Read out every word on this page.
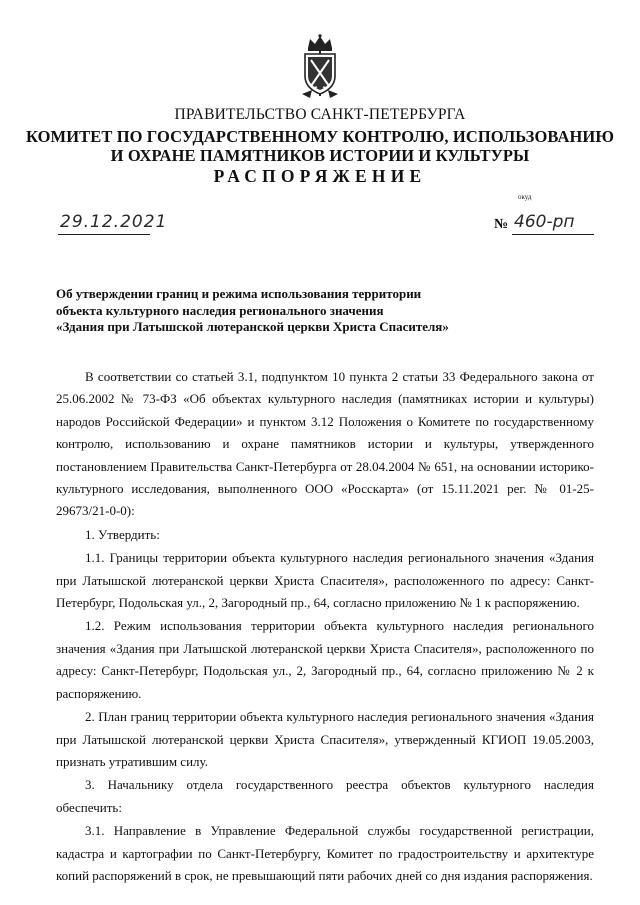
ПРАВИТЕЛЬСТВО САНКТ-ПЕТЕРБУРГА
КОМИТЕТ ПО ГОСУДАРСТВЕННОМУ КОНТРОЛЮ, ИСПОЛЬЗОВАНИЮ
И ОХРАНЕ ПАМЯТНИКОВ ИСТОРИИ И КУЛЬТУРЫ
РАСПОРЯЖЕНИЕ
окуд
29.12.2021	№ 460-рп
Об утверждении границ и режима использования территории
объекта культурного наследия регионального значения
«Здания при Латышской лютеранской церкви Христа Спасителя»

В соответствии со статьей 3.1, подпунктом 10 пункта 2 статьи 33 Федерального закона от 25.06.2002 № 73-ФЗ «Об объектах культурного наследия (памятниках истории и культуры) народов Российской Федерации» и пунктом 3.12 Положения о Комитете по государственному контролю, использованию и охране памятников истории и культуры, утвержденного постановлением Правительства Санкт-Петербурга от 28.04.2004 № 651, на основании историко-культурного исследования, выполненного ООО «Росскарта» (от 15.11.2021 рег. № 01-25-29673/21-0-0):

1. Утвердить:

1.1. Границы территории объекта культурного наследия регионального значения «Здания при Латышской лютеранской церкви Христа Спасителя», расположенного по адресу: Санкт-Петербург, Подольская ул., 2, Загородный пр., 64, согласно приложению № 1 к распоряжению.

1.2. Режим использования территории объекта культурного наследия регионального значения «Здания при Латышской лютеранской церкви Христа Спасителя», расположенного по адресу: Санкт-Петербург, Подольская ул., 2, Загородный пр., 64, согласно приложению № 2 к распоряжению.

2. План границ территории объекта культурного наследия регионального значения «Здания при Латышской лютеранской церкви Христа Спасителя», утвержденный КГИОП 19.05.2003, признать утратившим силу.

3. Начальнику отдела государственного реестра объектов культурного наследия обеспечить:

3.1. Направление в Управление Федеральной службы государственной регистрации, кадастра и картографии по Санкт-Петербургу, Комитет по градостроительству и архитектуре копий распоряжений в срок, не превышающий пяти рабочих дней со дня издания распоряжения.
